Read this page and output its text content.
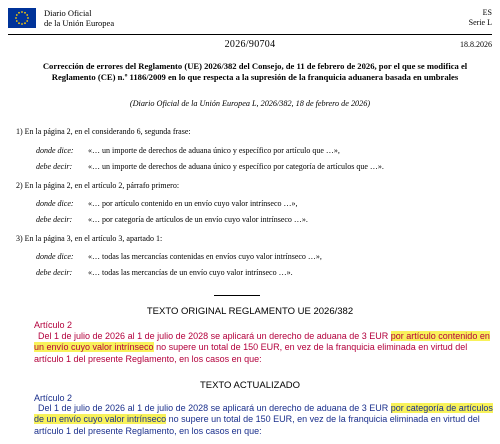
Diario Oficial
de la Unión Europea
ES
Serie L
2026/90704	18.8.2026
Corrección de errores del Reglamento (UE) 2026/382 del Consejo, de 11 de febrero de 2026, por el que se modifica el Reglamento (CE) n.º 1186/2009 en lo que respecta a la supresión de la franquicia aduanera basada en umbrales
(Diario Oficial de la Unión Europea L, 2026/382, 18 de febrero de 2026)
1) En la página 2, en el considerando 6, segunda frase:
donde dice: «… un importe de derechos de aduana único y específico por artículo que …»,
debe decir: «… un importe de derechos de aduana único y específico por categoría de artículos que …».
2) En la página 2, en el artículo 2, párrafo primero:
donde dice: «… por artículo contenido en un envío cuyo valor intrínseco …»,
debe decir: «… por categoría de artículos de un envío cuyo valor intrínseco …».
3) En la página 3, en el artículo 3, apartado 1:
donde dice: «… todas las mercancías contenidas en envíos cuyo valor intrínseco …»,
debe decir: «… todas las mercancías de un envío cuyo valor intrínseco …».
TEXTO ORIGINAL REGLAMENTO UE 2026/382
Artículo 2
Del 1 de julio de 2026 al 1 de julio de 2028 se aplicará un derecho de aduana de 3 EUR por artículo contenido en un envío cuyo valor intrínseco no supere un total de 150 EUR, en vez de la franquicia eliminada en virtud del artículo 1 del presente Reglamento, en los casos en que:
TEXTO ACTUALIZADO
Artículo 2
Del 1 de julio de 2026 al 1 de julio de 2028 se aplicará un derecho de aduana de 3 EUR por categoría de artículos de un envío cuyo valor intrínseco no supere un total de 150 EUR, en vez de la franquicia eliminada en virtud del artículo 1 del presente Reglamento, en los casos en que:
